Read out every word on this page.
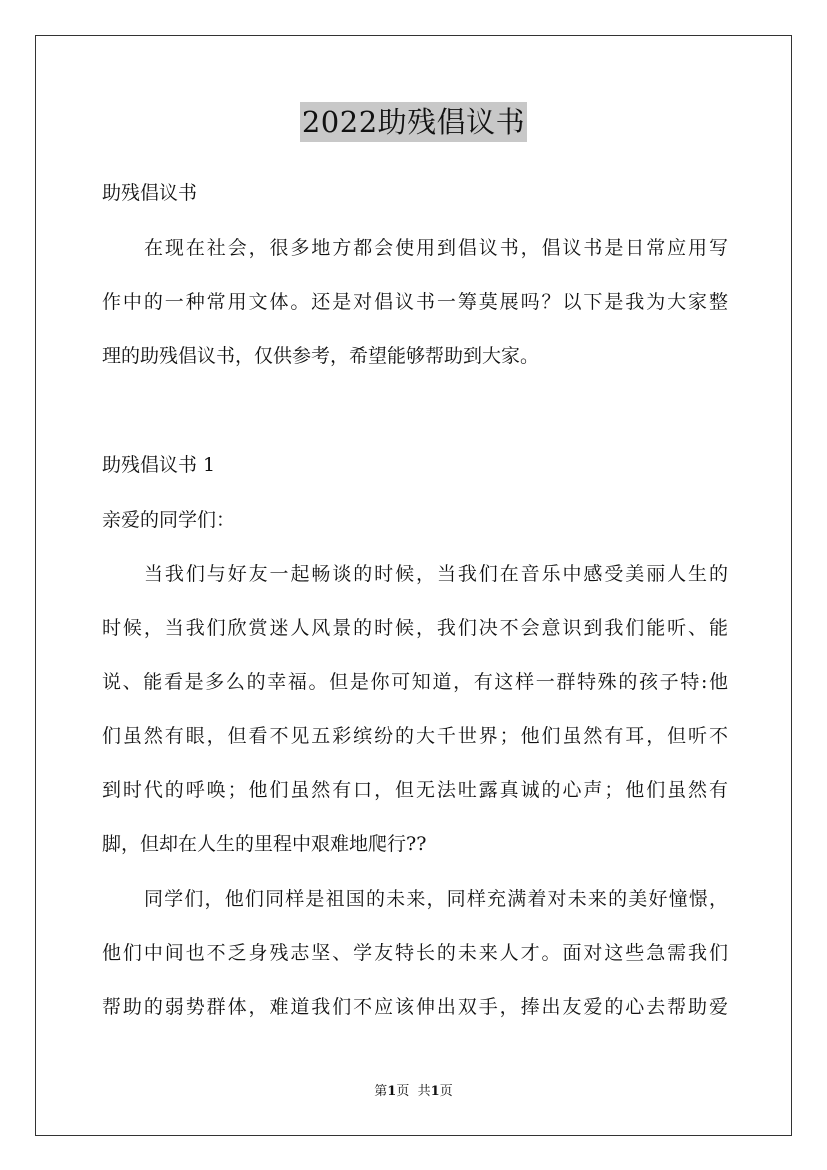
2022助残倡议书
助残倡议书
在现在社会，很多地方都会使用到倡议书，倡议书是日常应用写
作中的一种常用文体。还是对倡议书一筹莫展吗？以下是我为大家整
理的助残倡议书，仅供参考，希望能够帮助到大家。
助残倡议书 1
亲爱的同学们：
当我们与好友一起畅谈的时候，当我们在音乐中感受美丽人生的
时候，当我们欣赏迷人风景的时候，我们决不会意识到我们能听、能
说、能看是多么的幸福。但是你可知道，有这样一群特殊的孩子特:他
们虽然有眼，但看不见五彩缤纷的大千世界；他们虽然有耳，但听不
到时代的呼唤；他们虽然有口，但无法吐露真诚的心声；他们虽然有
脚，但却在人生的里程中艰难地爬行??
同学们，他们同样是祖国的未来，同样充满着对未来的美好憧憬，
他们中间也不乏身残志坚、学友特长的未来人才。面对这些急需我们
帮助的弱势群体，难道我们不应该伸出双手，捧出友爱的心去帮助爱
第1页 共1页
